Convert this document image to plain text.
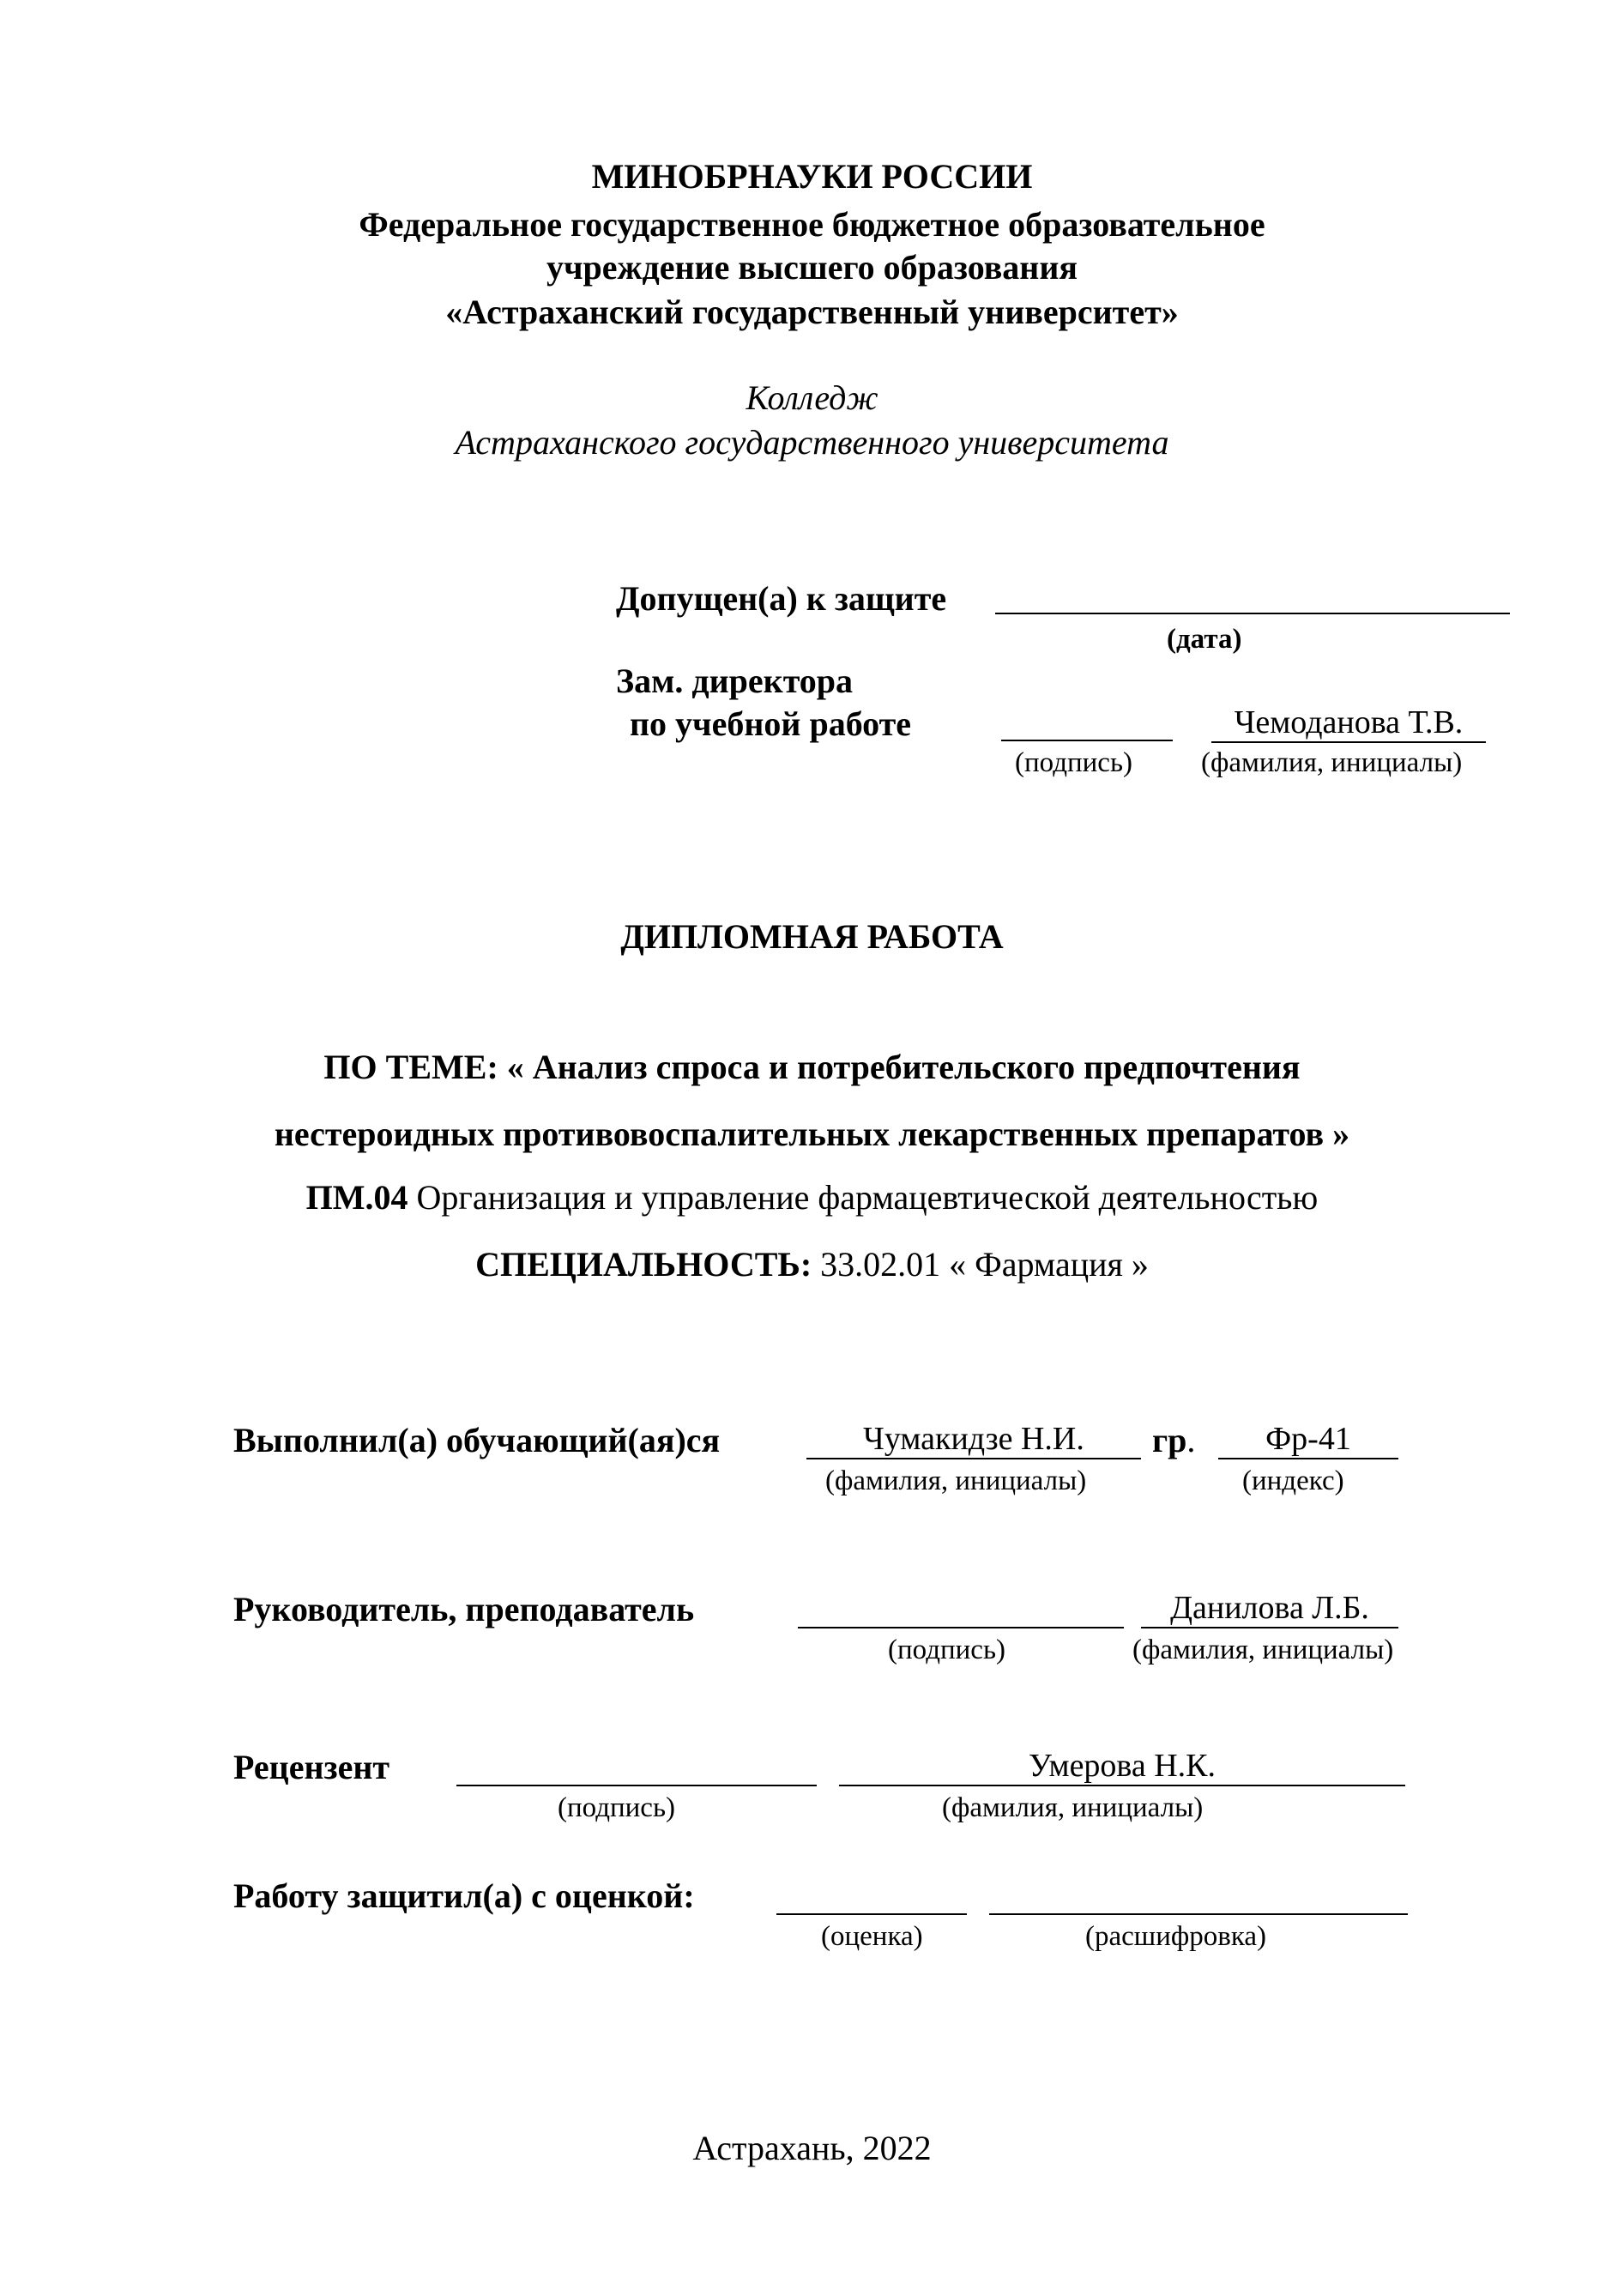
МИНОБРНАУКИ РОССИИ
Федеральное государственное бюджетное образовательное
учреждение высшего образования
«Астраханский государственный университет»
Колледж
Астраханского государственного университета
Допущен(а) к защите
(дата)
Зам. директора
по учебной работе	Чемоданова Т.В.
(подпись) (фамилия, инициалы)
ДИПЛОМНАЯ РАБОТА
ПО ТЕМЕ: « Анализ спроса и потребительского предпочтения
нестероидных противовоспалительных лекарственных препаратов »
ПМ.04 Организация и управление фармацевтической деятельностью
СПЕЦИАЛЬНОСТЬ: 33.02.01 « Фармация »
Выполнил(а) обучающий(ая)ся	Чумакидзе Н.И.	гр.	Фр-41
(фамилия, инициалы)	(индекс)
Руководитель, преподаватель	Данилова Л.Б.
(подпись)	(фамилия, инициалы)
Рецензент	Умерова Н.К.
(подпись)	(фамилия, инициалы)
Работу защитил(а) с оценкой:
(оценка)	(расшифровка)
Астрахань, 2022
